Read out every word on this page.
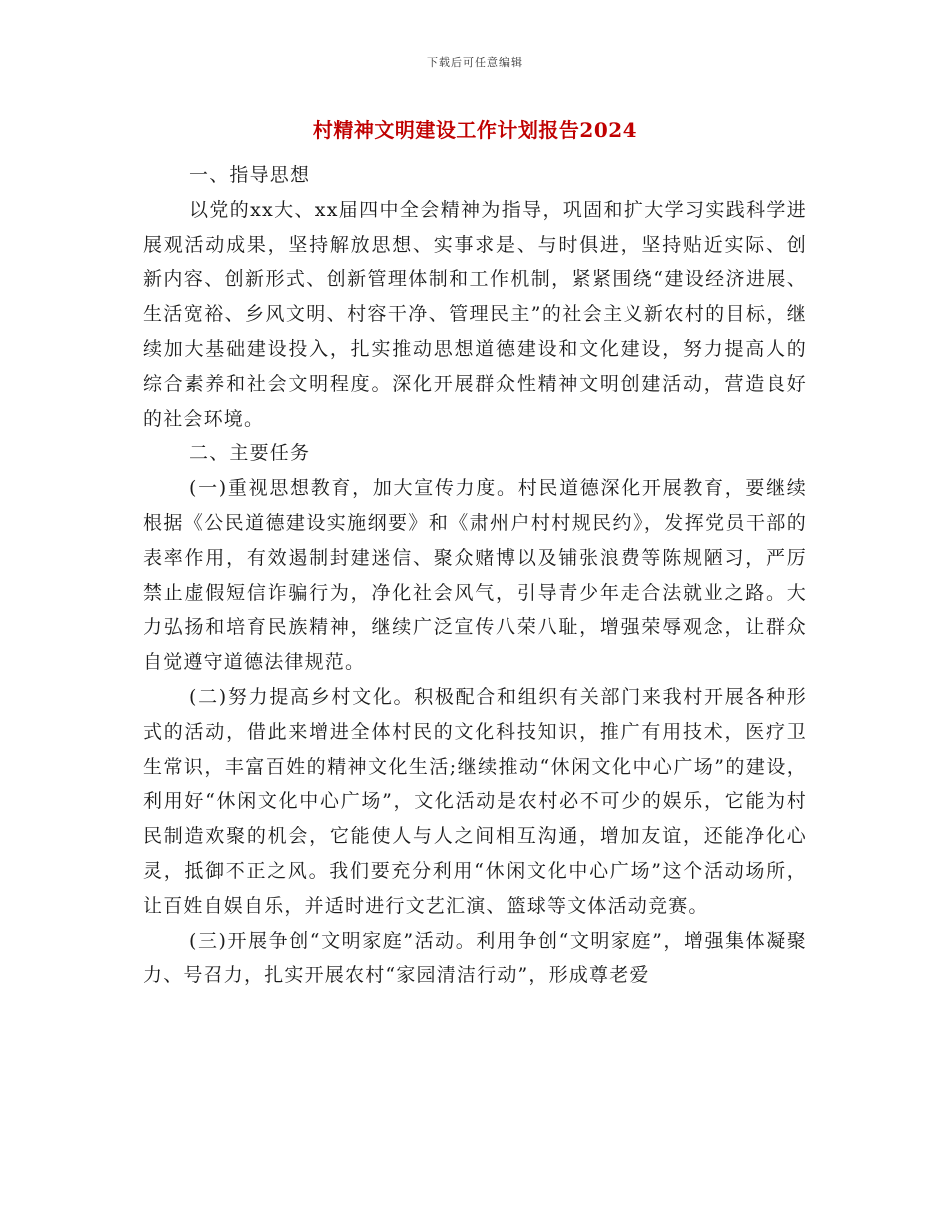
下载后可任意编辑
村精神文明建设工作计划报告2024

一、指导思想

以党的xx大、xx届四中全会精神为指导，巩固和扩大学习实践科学进展观活动成果，坚持解放思想、实事求是、与时俱进，坚持贴近实际、创新内容、创新形式、创新管理体制和工作机制，紧紧围绕“建设经济进展、生活宽裕、乡风文明、村容干净、管理民主”的社会主义新农村的目标，继续加大基础建设投入，扎实推动思想道德建设和文化建设，努力提高人的综合素养和社会文明程度。深化开展群众性精神文明创建活动，营造良好的社会环境。

二、主要任务

(一)重视思想教育，加大宣传力度。村民道德深化开展教育，要继续根据《公民道德建设实施纲要》和《肃州户村村规民约》，发挥党员干部的表率作用，有效遏制封建迷信、聚众赌博以及铺张浪费等陈规陋习，严厉禁止虚假短信诈骗行为，净化社会风气，引导青少年走合法就业之路。大力弘扬和培育民族精神，继续广泛宣传八荣八耻，增强荣辱观念，让群众自觉遵守道德法律规范。

(二)努力提高乡村文化。积极配合和组织有关部门来我村开展各种形式的活动，借此来增进全体村民的文化科技知识，推广有用技术，医疗卫生常识，丰富百姓的精神文化生活;继续推动“休闲文化中心广场”的建设，利用好“休闲文化中心广场”，文化活动是农村必不可少的娱乐，它能为村民制造欢聚的机会，它能使人与人之间相互沟通，增加友谊，还能净化心灵，抵御不正之风。我们要充分利用“休闲文化中心广场”这个活动场所，让百姓自娱自乐，并适时进行文艺汇演、篮球等文体活动竞赛。

(三)开展争创“文明家庭”活动。利用争创“文明家庭”，增强集体凝聚力、号召力，扎实开展农村“家园清洁行动”，形成尊老爱
